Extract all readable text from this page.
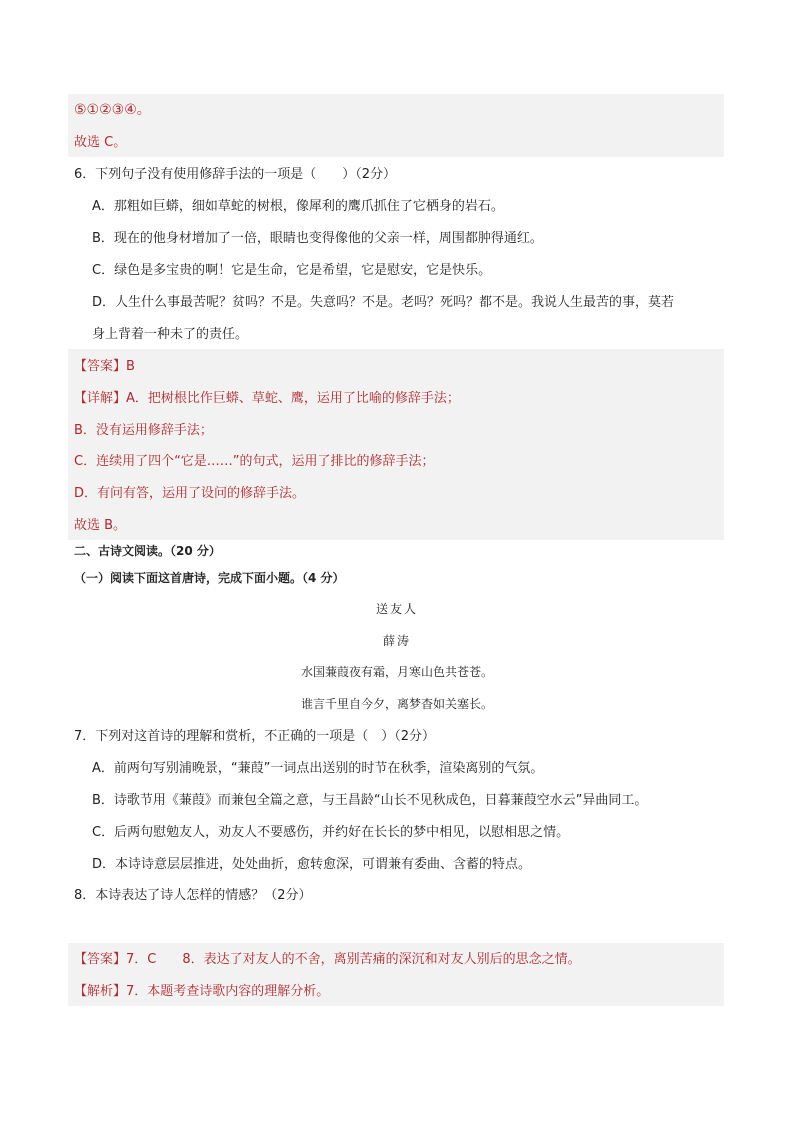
⑤①②③④。
故选 C。
6．下列句子没有使用修辞手法的一项是（　　）（2分）
A．那粗如巨蟒，细如草蛇的树根，像犀利的鹰爪抓住了它栖身的岩石。
B．现在的他身材增加了一倍，眼睛也变得像他的父亲一样，周围都肿得通红。
C．绿色是多宝贵的啊！它是生命，它是希望，它是慰安，它是快乐。
D．人生什么事最苦呢？贫吗？不是。失意吗？不是。老吗？死吗？都不是。我说人生最苦的事，莫若
身上背着一种未了的责任。
【答案】B
【详解】A．把树根比作巨蟒、草蛇、鹰，运用了比喻的修辞手法；
B．没有运用修辞手法；
C．连续用了四个“它是……”的句式，运用了排比的修辞手法；
D．有问有答，运用了设问的修辞手法。
故选 B。
二、古诗文阅读。（20 分）
（一）阅读下面这首唐诗，完成下面小题。（4 分）
送友人
薛涛
水国蒹葭夜有霜，月寒山色共苍苍。
谁言千里自今夕，离梦杳如关塞长。
7．下列对这首诗的理解和赏析，不正确的一项是（　）（2分）
A．前两句写别浦晚景，“蒹葭”一词点出送别的时节在秋季，渲染离别的气氛。
B．诗歌节用《蒹葭》而兼包全篇之意，与王昌龄“山长不见秋成色，日暮蒹葭空水云”异曲同工。
C．后两句慰勉友人，劝友人不要感伤，并约好在长长的梦中相见，以慰相思之情。
D．本诗诗意层层推进，处处曲折，愈转愈深，可谓兼有委曲、含蓄的特点。
8．本诗表达了诗人怎样的情感？（2分）
【答案】7．C　　8．表达了对友人的不舍，离别苦痛的深沉和对友人别后的思念之情。
【解析】7．本题考查诗歌内容的理解分析。
